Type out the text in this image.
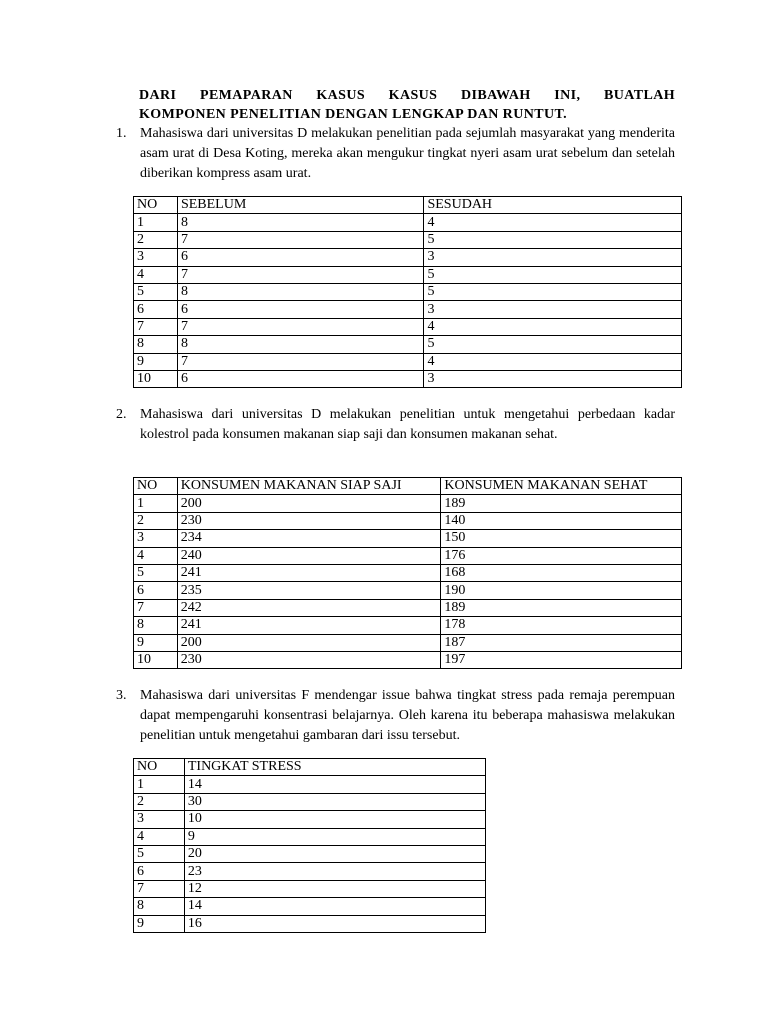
DARI PEMAPARAN KASUS KASUS DIBAWAH INI, BUATLAH
KOMPONEN PENELITIAN DENGAN LENGKAP DAN RUNTUT.
1. Mahasiswa dari universitas D melakukan penelitian pada sejumlah masyarakat yang menderita asam urat di Desa Koting, mereka akan mengukur tingkat nyeri asam urat sebelum dan setelah diberikan kompress asam urat.
NO	SEBELUM	SESUDAH
1	8	4
2	7	5
3	6	3
4	7	5
5	8	5
6	6	3
7	7	4
8	8	5
9	7	4
10	6	3
2. Mahasiswa dari universitas D melakukan penelitian untuk mengetahui perbedaan kadar kolestrol pada konsumen makanan siap saji dan konsumen makanan sehat.
NO	KONSUMEN MAKANAN SIAP SAJI	KONSUMEN MAKANAN SEHAT
1	200	189
2	230	140
3	234	150
4	240	176
5	241	168
6	235	190
7	242	189
8	241	178
9	200	187
10	230	197
3. Mahasiswa dari universitas F mendengar issue bahwa tingkat stress pada remaja perempuan dapat mempengaruhi konsentrasi belajarnya. Oleh karena itu beberapa mahasiswa melakukan penelitian untuk mengetahui gambaran dari issu tersebut.
NO	TINGKAT STRESS
1	14
2	30
3	10
4	9
5	20
6	23
7	12
8	14
9	16
